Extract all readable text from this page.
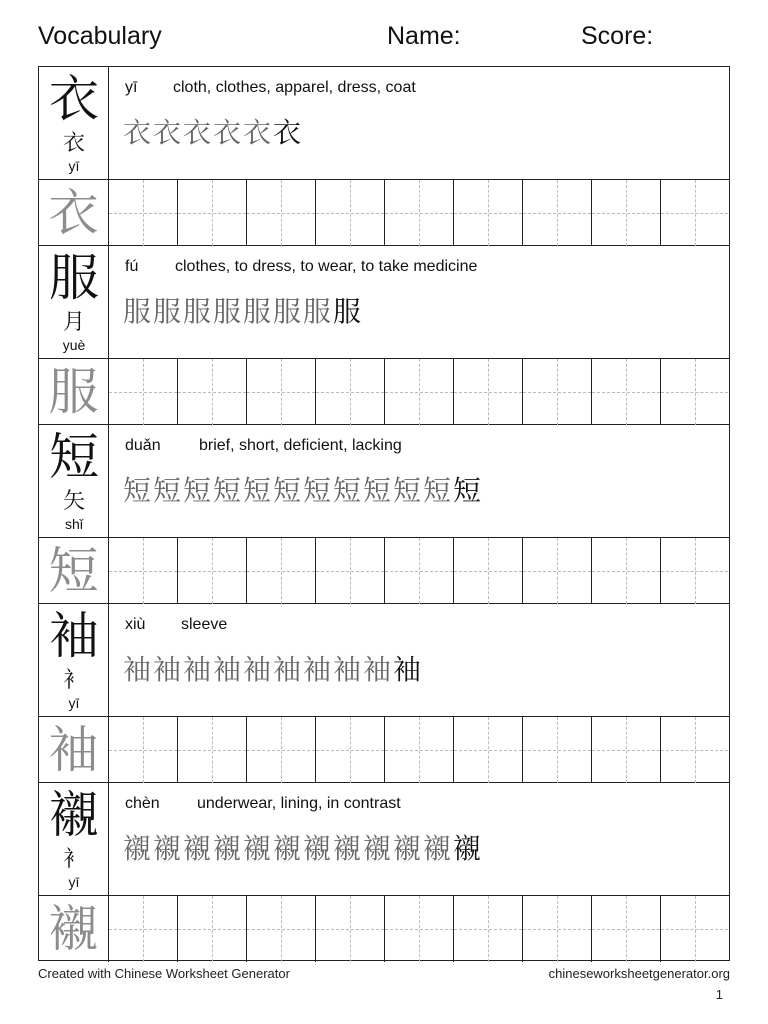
Vocabulary	Name:	Score:
衣
衣
yī
yī cloth, clothes, apparel, dress, coat
衣衣衣衣衣衣
衣
服
月
yuè
fú clothes, to dress, to wear, to take medicine
服服服服服服服服
服
短
矢
shǐ
duǎn brief, short, deficient, lacking
短短短短短短短短短短短短
短
袖
衤
yī
xiù sleeve
袖袖袖袖袖袖袖袖袖袖
袖
襯
衤
yī
chèn underwear, lining, in contrast
襯襯襯襯襯襯襯襯襯襯襯襯
襯
Created with Chinese Worksheet Generator	chineseworksheetgenerator.org
1
